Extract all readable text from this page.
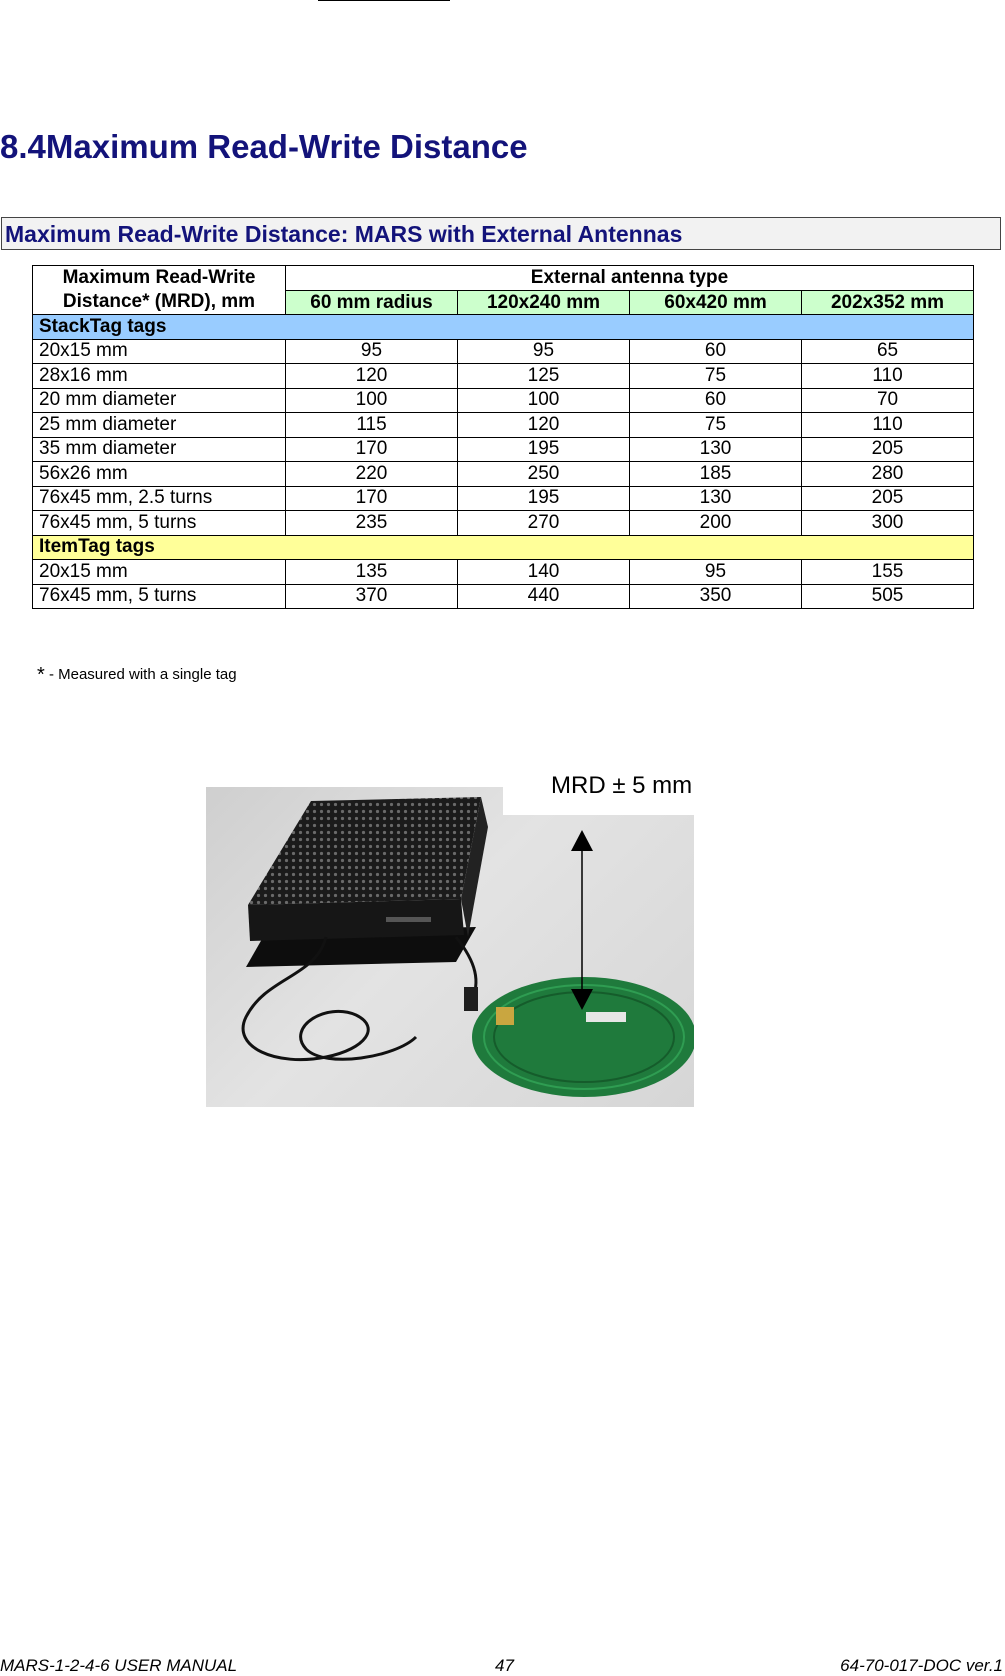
8.4Maximum Read-Write Distance
Maximum Read-Write Distance: MARS with External Antennas
Maximum Read-Write Distance* (MRD), mm	External antenna type			
	60 mm radius	120x240 mm	60x420 mm	202x352 mm
StackTag tags				
20x15 mm	95	95	60	65
28x16 mm	120	125	75	110
20 mm diameter	100	100	60	70
25 mm diameter	115	120	75	110
35 mm diameter	170	195	130	205
56x26 mm	220	250	185	280
76x45 mm, 2.5 turns	170	195	130	205
76x45 mm, 5 turns	235	270	200	300
ItemTag tags				
20x15 mm	135	140	95	155
76x45 mm, 5 turns	370	440	350	505
* - Measured with a single tag
MRD ± 5 mm
MARS-1-2-4-6 USER MANUAL	47	64-70-017-DOC ver.1
